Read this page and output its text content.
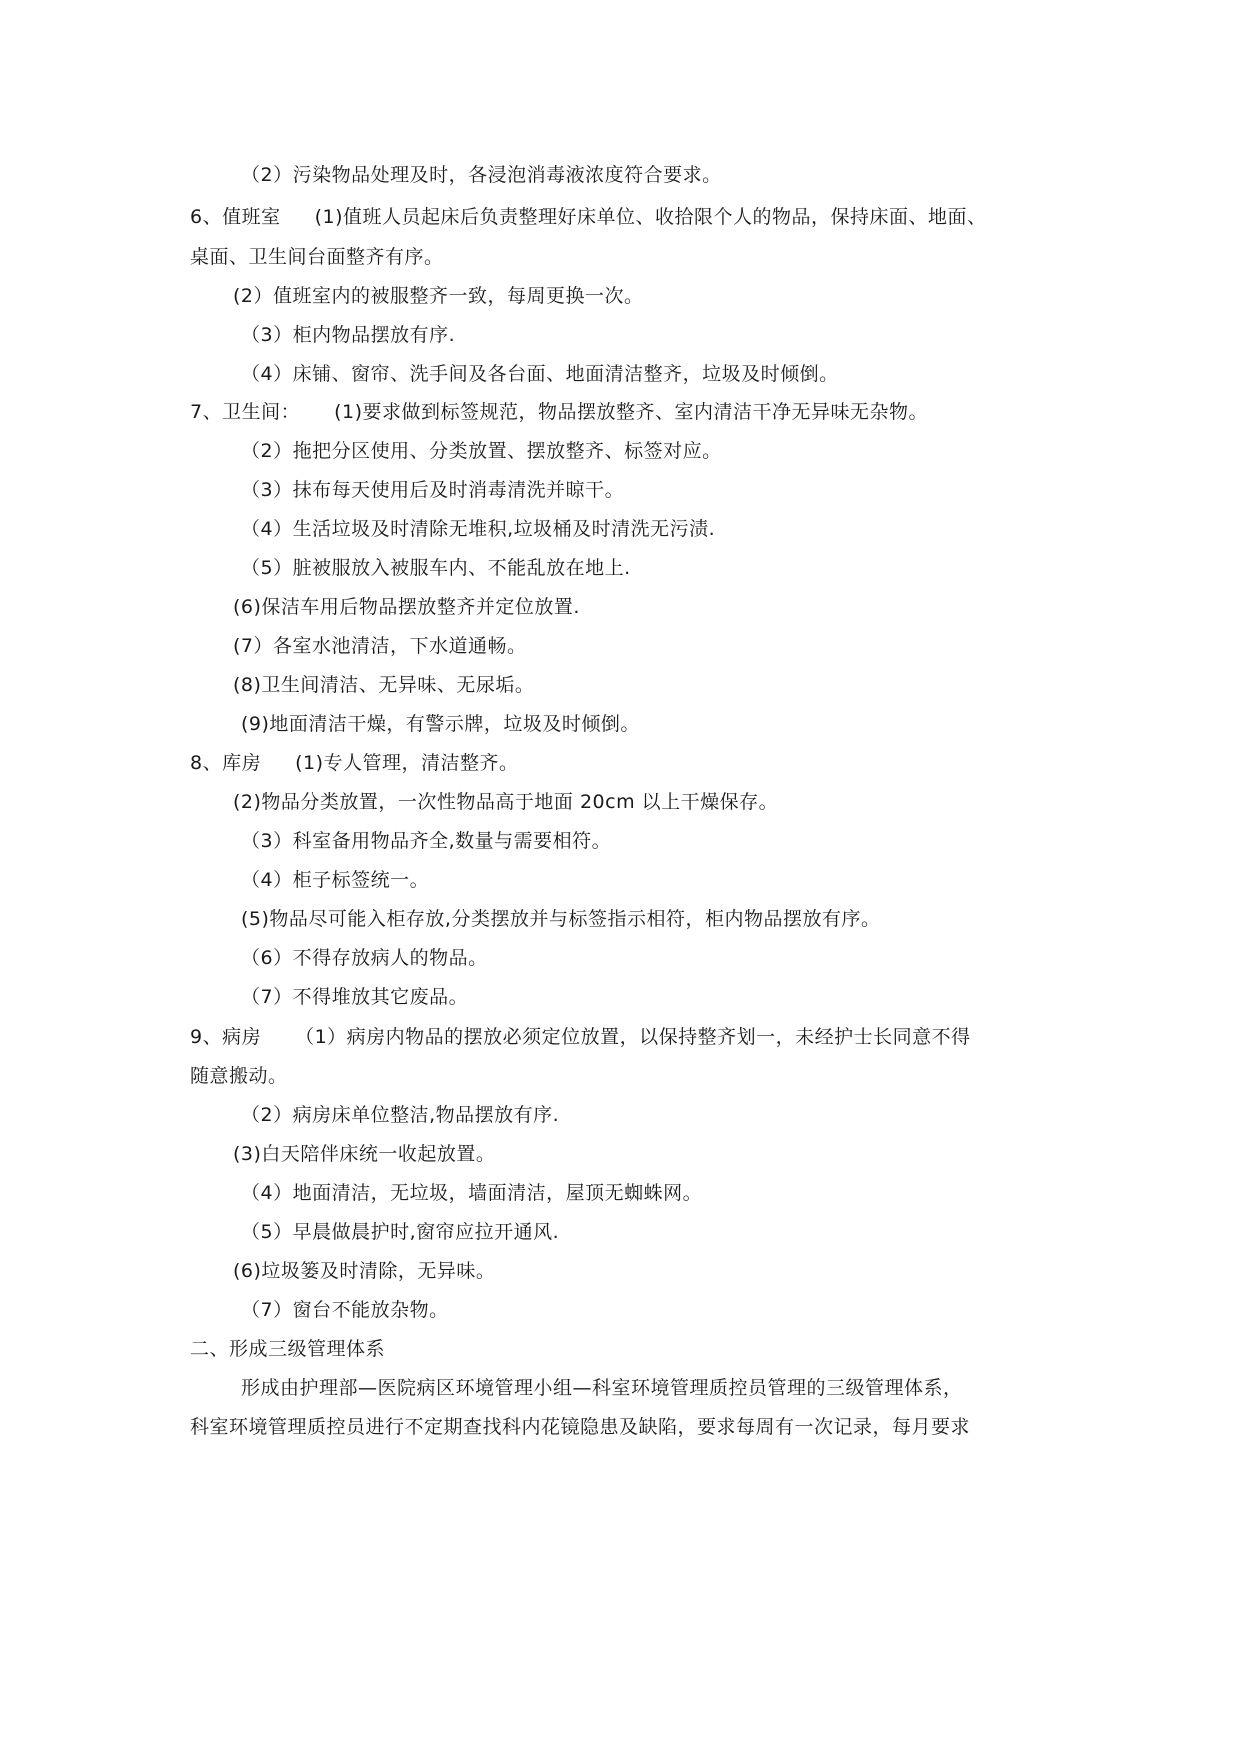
（2）污染物品处理及时，各浸泡消毒液浓度符合要求。
6、值班室 (1)值班人员起床后负责整理好床单位、收拾限个人的物品，保持床面、地面、
桌面、卫生间台面整齐有序。
(2）值班室内的被服整齐一致，每周更换一次。
（3）柜内物品摆放有序.
（4）床铺、窗帘、洗手间及各台面、地面清洁整齐，垃圾及时倾倒。
7、卫生间： (1)要求做到标签规范，物品摆放整齐、室内清洁干净无异味无杂物。
（2）拖把分区使用、分类放置、摆放整齐、标签对应。
（3）抹布每天使用后及时消毒清洗并晾干。
（4）生活垃圾及时清除无堆积,垃圾桶及时清洗无污渍.
（5）脏被服放入被服车内、不能乱放在地上.
(6)保洁车用后物品摆放整齐并定位放置.
(7）各室水池清洁，下水道通畅。
(8)卫生间清洁、无异味、无尿垢。
(9)地面清洁干燥，有警示牌，垃圾及时倾倒。
8、库房 (1)专人管理，清洁整齐。
(2)物品分类放置，一次性物品高于地面 20cm 以上干燥保存。
（3）科室备用物品齐全,数量与需要相符。
（4）柜子标签统一。
(5)物品尽可能入柜存放,分类摆放并与标签指示相符，柜内物品摆放有序。
（6）不得存放病人的物品。
（7）不得堆放其它废品。
9、病房 （1）病房内物品的摆放必须定位放置，以保持整齐划一，未经护士长同意不得
随意搬动。
（2）病房床单位整洁,物品摆放有序.
(3)白天陪伴床统一收起放置。
（4）地面清洁，无垃圾，墙面清洁，屋顶无蜘蛛网。
（5）早晨做晨护时,窗帘应拉开通风.
(6)垃圾篓及时清除，无异味。
（7）窗台不能放杂物。
二、形成三级管理体系
形成由护理部—医院病区环境管理小组—科室环境管理质控员管理的三级管理体系，
科室环境管理质控员进行不定期查找科内花镜隐患及缺陷，要求每周有一次记录，每月要求
